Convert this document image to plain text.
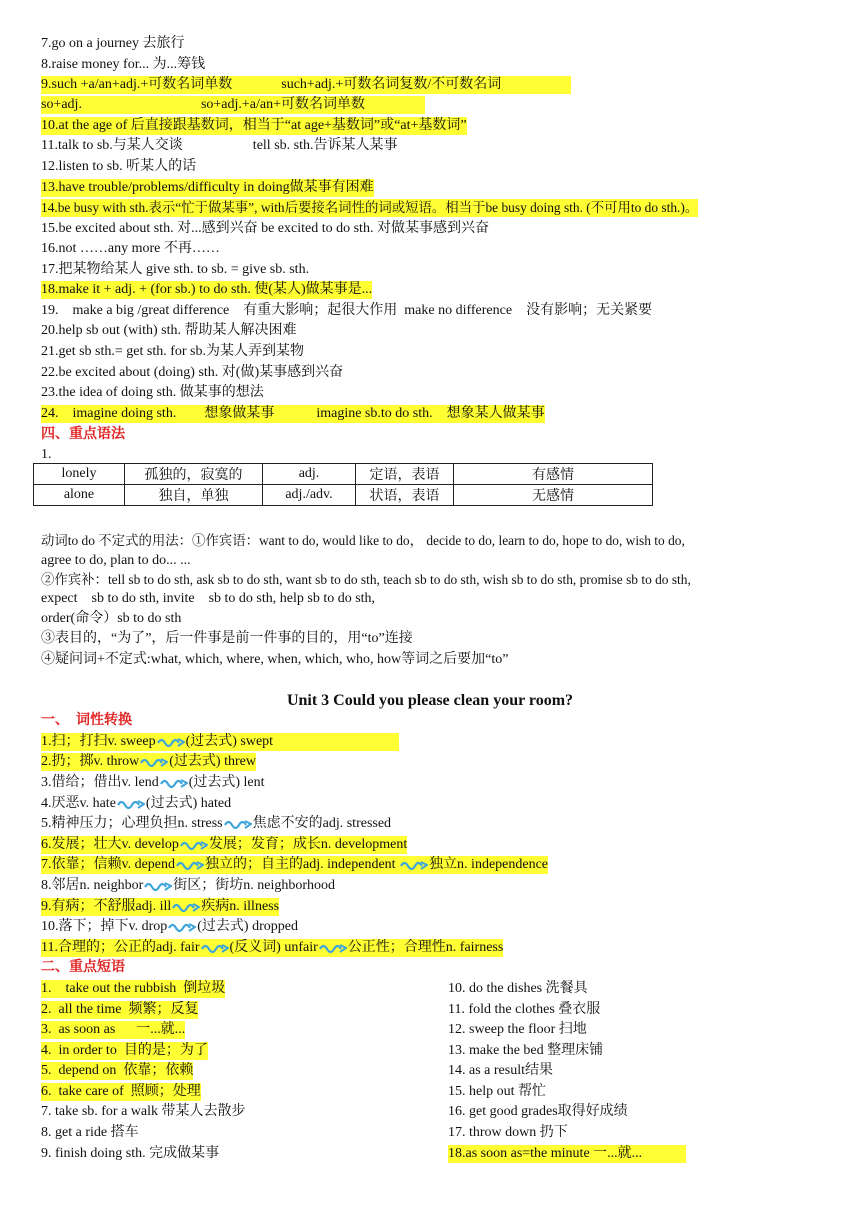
7.go on a journey 去旅行
8.raise money for... 为...筹钱
9.such +a/an+adj.+可数名词单数              such+adj.+可数名词复数/不可数名词
so+adj.                                  so+adj.+a/an+可数名词单数
10.at the age of 后直接跟基数词，相当于“at age+基数词”或“at+基数词”
11.talk to sb.与某人交谈                    tell sb. sth.告诉某人某事
12.listen to sb. 听某人的话
13.have trouble/problems/difficulty in doing做某事有困难
14.be busy with sth.表示“忙于做某事”, with后要接名词性的词或短语。相当于be busy doing sth. (不可用to do sth.)。
15.be excited about sth. 对...感到兴奋 be excited to do sth. 对做某事感到兴奋
16.not ……any more 不再……
17.把某物给某人 give sth. to sb. = give sb. sth.
18.make it + adj. + (for sb.) to do sth. 使(某人)做某事是...
19.    make a big /great difference    有重大影响；起很大作用  make no difference    没有影响；无关紧要
20.help sb out (with) sth. 帮助某人解决困难
21.get sb sth.= get sth. for sb.为某人弄到某物
22.be excited about (doing) sth. 对(做)某事感到兴奋
23.the idea of doing sth. 做某事的想法
24.    imagine doing sth.        想象做某事            imagine sb.to do sth.    想象某人做某事
四、重点语法
1.
lonely	孤独的，寂寞的	adj.	定语，表语	有感情
alone	独自，单独	adj./adv.	状语，表语	无感情
动词to do 不定式的用法：①作宾语：want to do, would like to do， decide to do, learn to do, hope to do, wish to do,
agree to do, plan to do... ...
②作宾补：tell sb to do sth, ask sb to do sth, want sb to do sth, teach sb to do sth, wish sb to do sth, promise sb to do sth,
expect    sb to do sth, invite    sb to do sth, help sb to do sth,
order(命令）sb to do sth
③表目的，“为了”，后一件事是前一件事的目的，用“to”连接
④疑问词+不定式:what, which, where, when, which, who, how等词之后要加“to”
Unit 3 Could you please clean your room?
一、  词性转换
1.扫；打扫v. sweep (过去式) swept
2.扔；掷v. throw (过去式) threw
3.借给；借出v. lend (过去式) lent
4.厌恶v. hate (过去式) hated
5.精神压力；心理负担n. stress 焦虑不安的adj. stressed
6.发展；壮大v. develop 发展；发育；成长n. development
7.依靠；信赖v. depend 独立的；自主的adj. independent
独立n. independence
8.邻居n. neighbor 街区；街坊n. neighborhood
9.有病；不舒服adj. ill 疾病n. illness
10.落下；掉下v. drop (过去式) dropped
11.合理的；公正的adj. fair (反义词) unfair 公正性；合理性n. fairness
二、重点短语
1.    take out the rubbish  倒垃圾
2.  all the time  频繁；反复
3.  as soon as      一...就...
4.  in order to  目的是；为了
5.  depend on  依靠；依赖
6.  take care of  照顾；处理
7. take sb. for a walk 带某人去散步
8. get a ride 搭车
9. finish doing sth. 完成做某事
10. do the dishes 洗餐具
11. fold the clothes 叠衣服
12. sweep the floor 扫地
13. make the bed 整理床铺
14. as a result结果
15. help out 帮忙
16. get good grades取得好成绩
17. throw down 扔下
18.as soon as=the minute 一...就...
